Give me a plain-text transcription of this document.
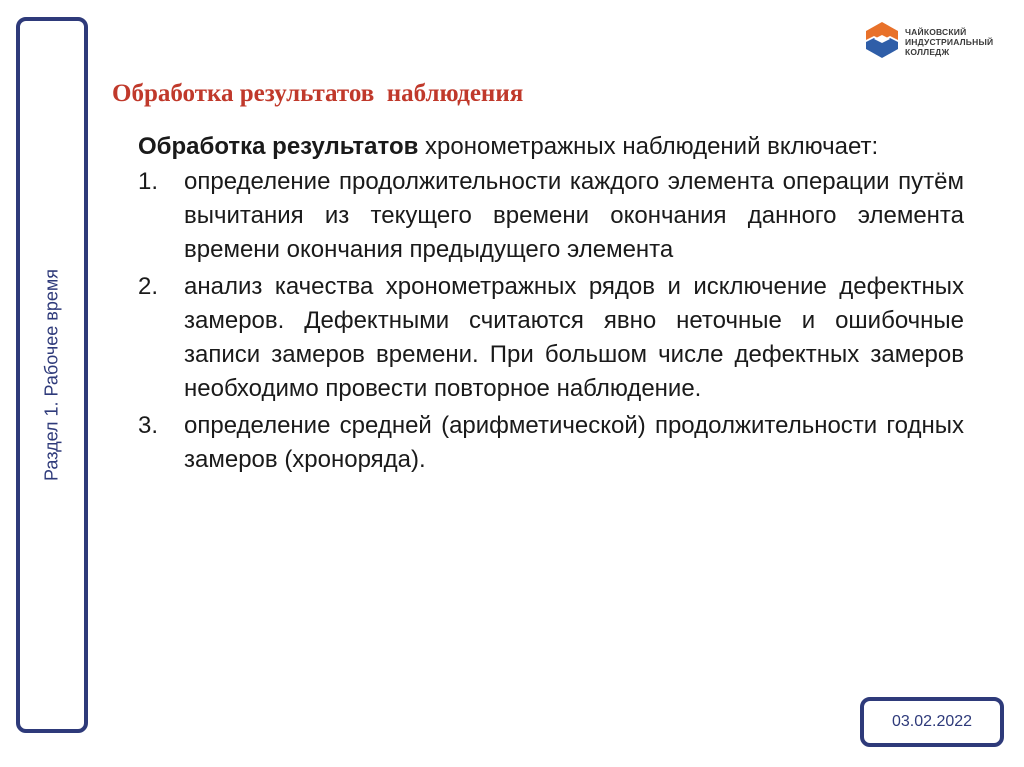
Раздел 1. Рабочее время
ЧАЙКОВСКИЙ
ИНДУСТРИАЛЬНЫЙ
КОЛЛЕДЖ
Обработка результатов  наблюдения

Обработка результатов хронометражных наблюдений включает:

1. определение продолжительности каждого элемента операции путём вычитания из текущего времени окончания данного элемента времени окончания предыдущего элемента
2. анализ качества хронометражных рядов и исключение дефектных замеров. Дефектными считаются явно неточные и ошибочные записи замеров времени. При большом числе дефектных замеров необходимо провести повторное наблюдение.
3. определение средней (арифметической) продолжительности годных замеров (хроноряда).
03.02.2022
